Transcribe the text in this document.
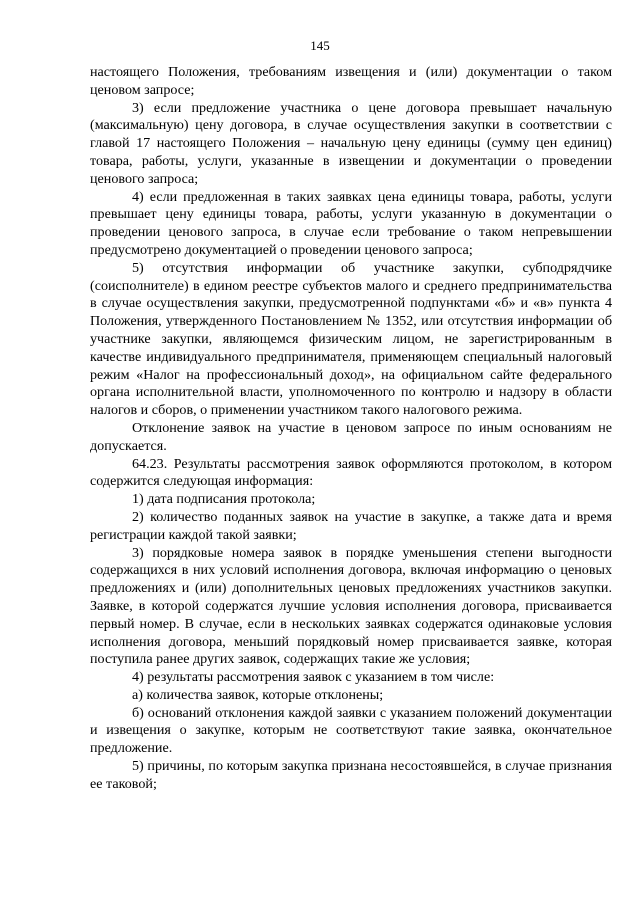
145

настоящего Положения, требованиям извещения и (или) документации о таком ценовом запросе;

3) если предложение участника о цене договора превышает начальную (максимальную) цену договора, в случае осуществления закупки в соответствии с главой 17 настоящего Положения – начальную цену единицы (сумму цен единиц) товара, работы, услуги, указанные в извещении и документации о проведении ценового запроса;

4) если предложенная в таких заявках цена единицы товара, работы, услуги превышает цену единицы товара, работы, услуги указанную в документации о проведении ценового запроса, в случае если требование о таком непревышении предусмотрено документацией о проведении ценового запроса;

5) отсутствия информации об участнике закупки, субподрядчике (соисполнителе) в едином реестре субъектов малого и среднего предпринимательства в случае осуществления закупки, предусмотренной подпунктами «б» и «в» пункта 4 Положения, утвержденного Постановлением № 1352, или отсутствия информации об участнике закупки, являющемся физическим лицом, не зарегистрированным в качестве индивидуального предпринимателя, применяющем специальный налоговый режим «Налог на профессиональный доход», на официальном сайте федерального органа исполнительной власти, уполномоченного по контролю и надзору в области налогов и сборов, о применении участником такого налогового режима.

Отклонение заявок на участие в ценовом запросе по иным основаниям не допускается.

64.23. Результаты рассмотрения заявок оформляются протоколом, в котором содержится следующая информация:

1) дата подписания протокола;

2) количество поданных заявок на участие в закупке, а также дата и время регистрации каждой такой заявки;

3) порядковые номера заявок в порядке уменьшения степени выгодности содержащихся в них условий исполнения договора, включая информацию о ценовых предложениях и (или) дополнительных ценовых предложениях участников закупки. Заявке, в которой содержатся лучшие условия исполнения договора, присваивается первый номер. В случае, если в нескольких заявках содержатся одинаковые условия исполнения договора, меньший порядковый номер присваивается заявке, которая поступила ранее других заявок, содержащих такие же условия;

4) результаты рассмотрения заявок с указанием в том числе:

а) количества заявок, которые отклонены;

б) оснований отклонения каждой заявки с указанием положений документации и извещения о закупке, которым не соответствуют такие заявка, окончательное предложение.

5) причины, по которым закупка признана несостоявшейся, в случае признания ее таковой;
